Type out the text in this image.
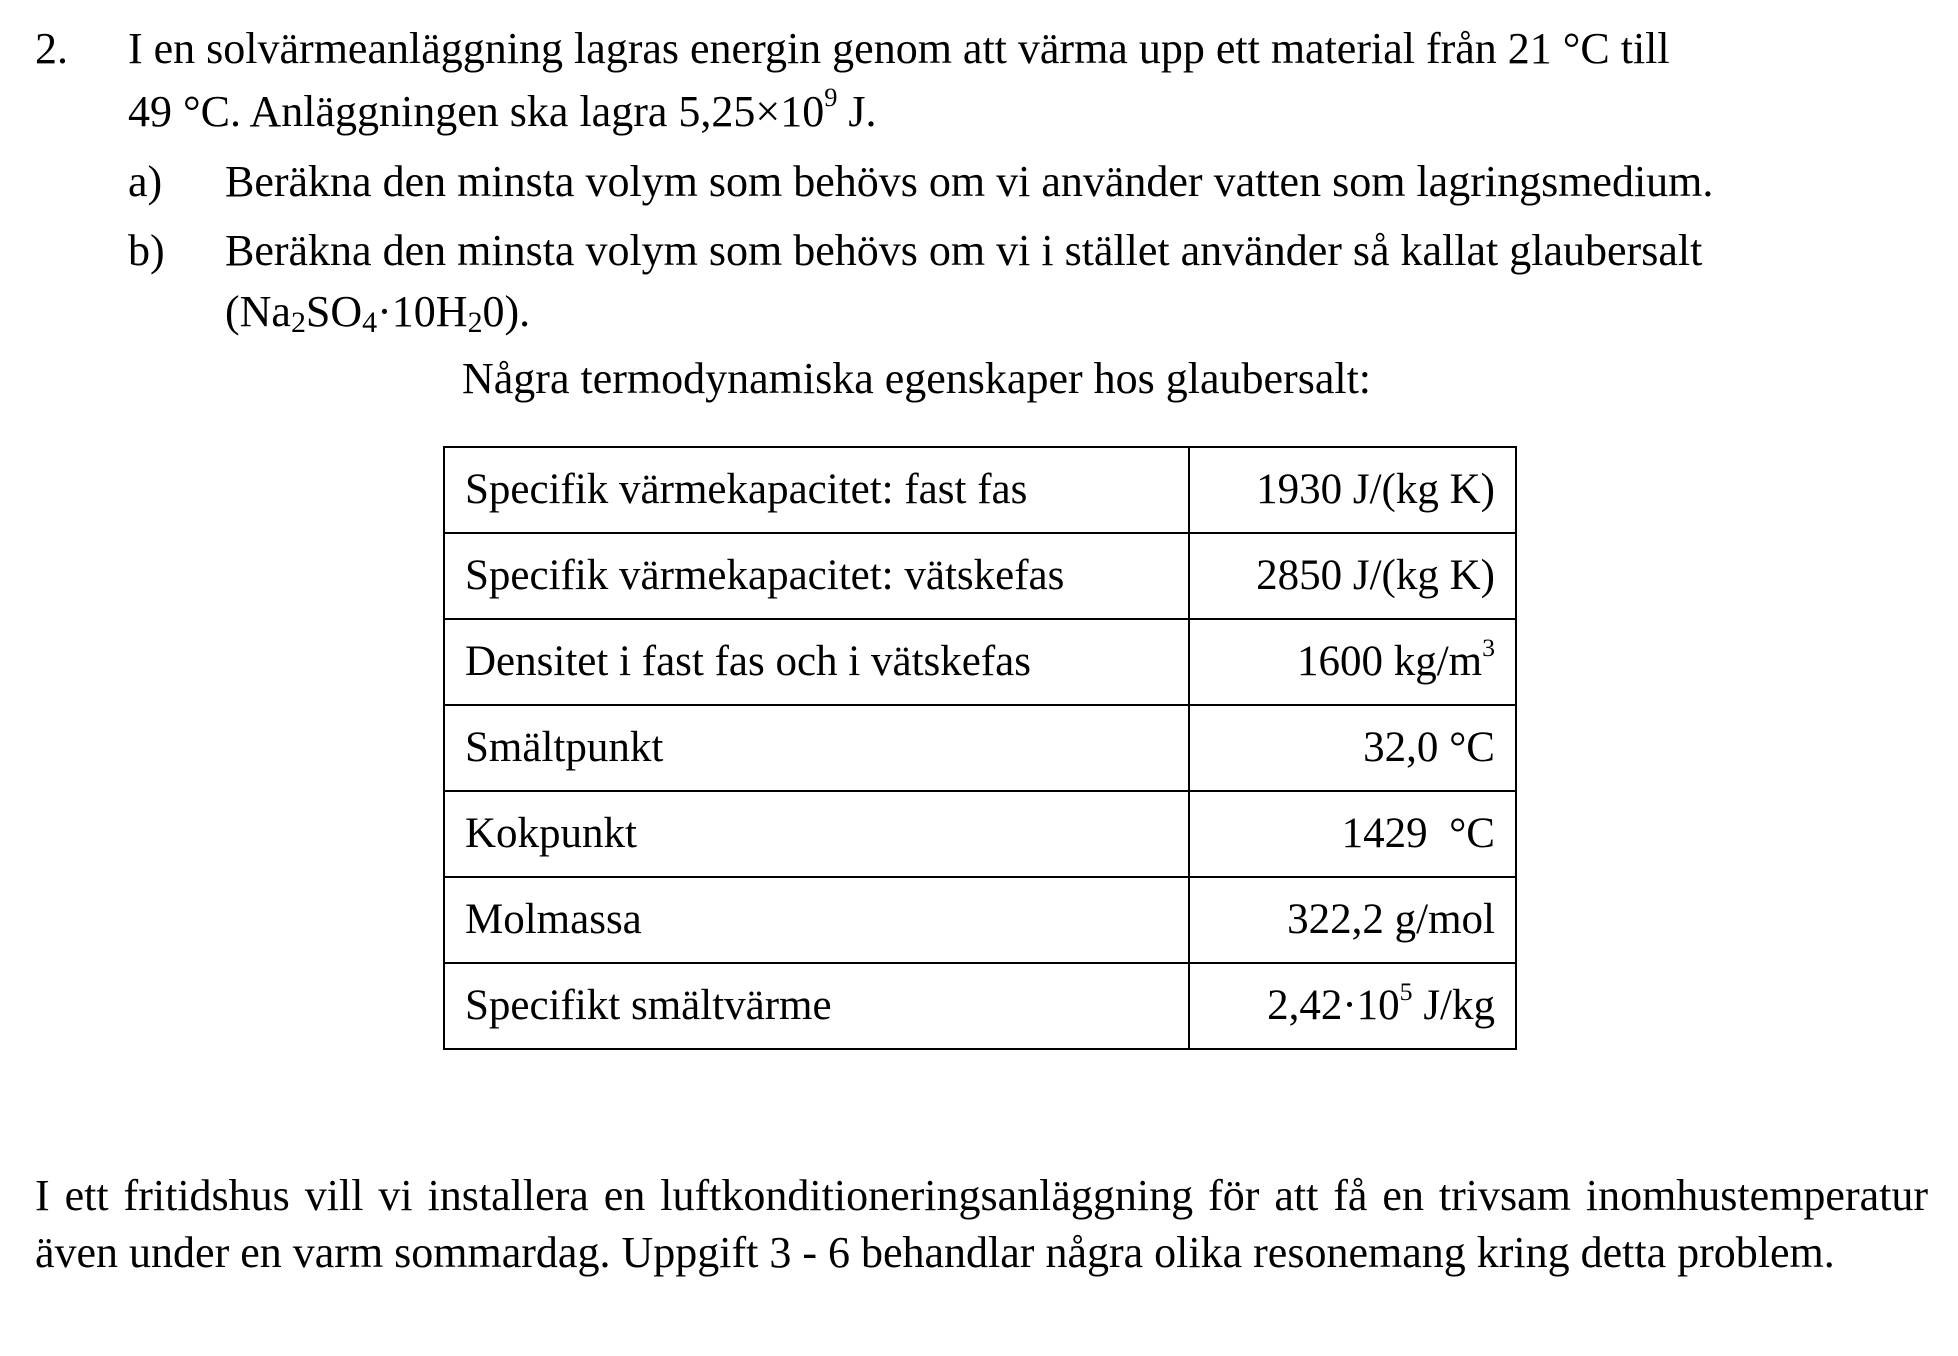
2. I en solvärmeanläggning lagras energin genom att värma upp ett material från 21 °C till
49 °C. Anläggningen ska lagra $5,25\times 10^9$ J.
a) Beräkna den minsta volym som behövs om vi använder vatten som lagringsmedium.
b) Beräkna den minsta volym som behövs om vi i stället använder så kallat glaubersalt
$(Na_2SO_4\cdot 10H_20)$.
Några termodynamiska egenskaper hos glaubersalt:
Specifik värmekapacitet: fast fas	1930 J/(kg K)
Specifik värmekapacitet: vätskefas	2850 J/(kg K)
Densitet i fast fas och i vätskefas	1600 $kg/m^3$
Smältpunkt	32,0 °C
Kokpunkt	1429  °C
Molmassa	322,2 g/mol
Specifikt smältvärme	$2,42\cdot 10^5$ J/kg
I ett fritidshus vill vi installera en luftkonditioneringsanläggning för att få en trivsam inomhustemperatur även under en varm sommardag. Uppgift 3 - 6 behandlar några olika resonemang kring detta problem.
